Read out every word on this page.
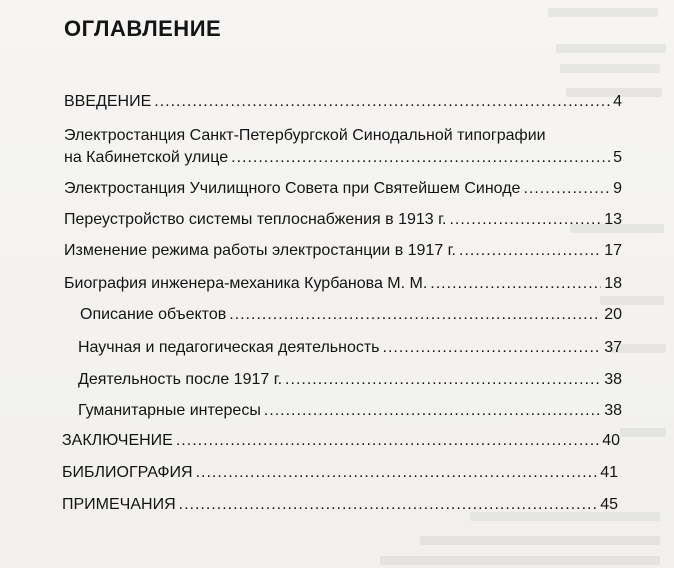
ОГЛАВЛЕНИЕ
ВВЕДЕНИЕ .....	4
Электростанция Санкт-Петербургской Синодальной типографии
на Кабинетской улице .....	5
Электростанция Училищного Совета при Святейшем Синоде .....	9
Переустройство системы теплоснабжения в 1913 г. .....	13
Изменение режима работы электростанции в 1917 г. .....	17
Биография инженера-механика Курбанова М. М. .....	18
Описание объектов .....	20
Научная и педагогическая деятельность .....	37
Деятельность после 1917 г. .....	38
Гуманитарные интересы .....	38
ЗАКЛЮЧЕНИЕ .....	40
БИБЛИОГРАФИЯ .....	41
ПРИМЕЧАНИЯ .....	45
